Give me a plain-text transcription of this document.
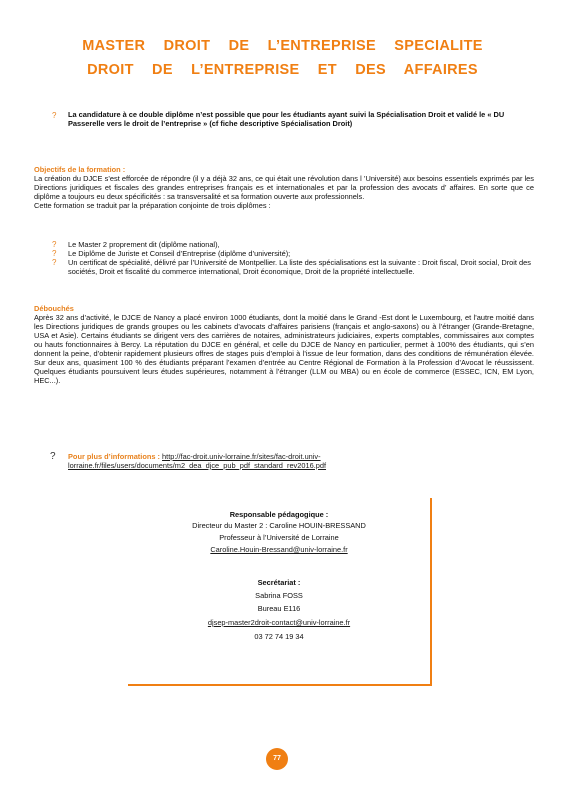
MASTER DROIT DE L’ENTREPRISE SPECIALITE
DROIT DE L’ENTREPRISE ET DES AFFAIRES
? La candidature à ce double diplôme n’est possible que pour les étudiants ayant suivi la Spécialisation Droit et validé le « DU Passerelle vers le droit de l’entreprise » (cf fiche descriptive Spécialisation Droit)
Objectifs de la formation :
La création du DJCE s’est efforcée de répondre (il y a déjà 32 ans, ce qui était une révolution dans l ’Université) aux besoins essentiels exprimés par les Directions juridiques et fiscales des grandes entreprises français es et internationales et par la profession des avocats d’ affaires. En sorte que ce diplôme a toujours eu deux spécificités : sa transversalité et sa formation ouverte aux professionnels.
Cette formation se traduit par la préparation conjointe de trois diplômes :
? Le Master 2 proprement dit (diplôme national),
? Le Diplôme de Juriste et Conseil d’Entreprise (diplôme d’université);
? Un certificat de spécialité, délivré par l’Université de Montpellier. La liste des spécialisations est la suivante : Droit fiscal, Droit social, Droit des sociétés, Droit et fiscalité du commerce international, Droit économique, Droit de la propriété intellectuelle.
Débouchés
Après 32 ans d’activité, le DJCE de Nancy a placé environ 1000 étudiants, dont la moitié dans le Grand -Est dont le Luxembourg, et l’autre moitié dans les Directions juridiques de grands groupes ou les cabinets d’avocats d’affaires parisiens (français et anglo-saxons) ou à l’étranger (Grande-Bretagne, USA et Asie). Certains étudiants se dirigent vers des carrières de notaires, administrateurs judiciaires, experts comptables, commissaires aux comptes ou hauts fonctionnaires à Bercy. La réputation du DJCE en général, et celle du DJCE de Nancy en particulier, permet à 100% des étudiants, qui s’en donnent la peine, d’obtenir rapidement plusieurs offres de stages puis d’emploi à l’issue de leur formation, dans des conditions de rémunération élevée. Sur deux ans, quasiment 100 % des étudiants préparant l’examen d’entrée au Centre Régional de Formation à la Profession d’Avocat le réussissent. Quelques étudiants poursuivent leurs études supérieures, notamment à l’étranger (LLM ou MBA) ou en école de commerce (ESSEC, ICN, EM Lyon, HEC...).
? Pour plus d’informations : http://fac-droit.univ-lorraine.fr/sites/fac-droit.univ-lorraine.fr/files/users/documents/m2_dea_djce_pub_pdf_standard_rev2016.pdf
Responsable pédagogique :
Directeur du Master 2 : Caroline HOUIN-BRESSAND
Professeur à l’Université de Lorraine
Caroline.Houin-Bressand@univ-lorraine.fr
Secrétariat :
Sabrina FOSS
Bureau E116
djsep-master2droit-contact@univ-lorraine.fr
03 72 74 19 34
77
